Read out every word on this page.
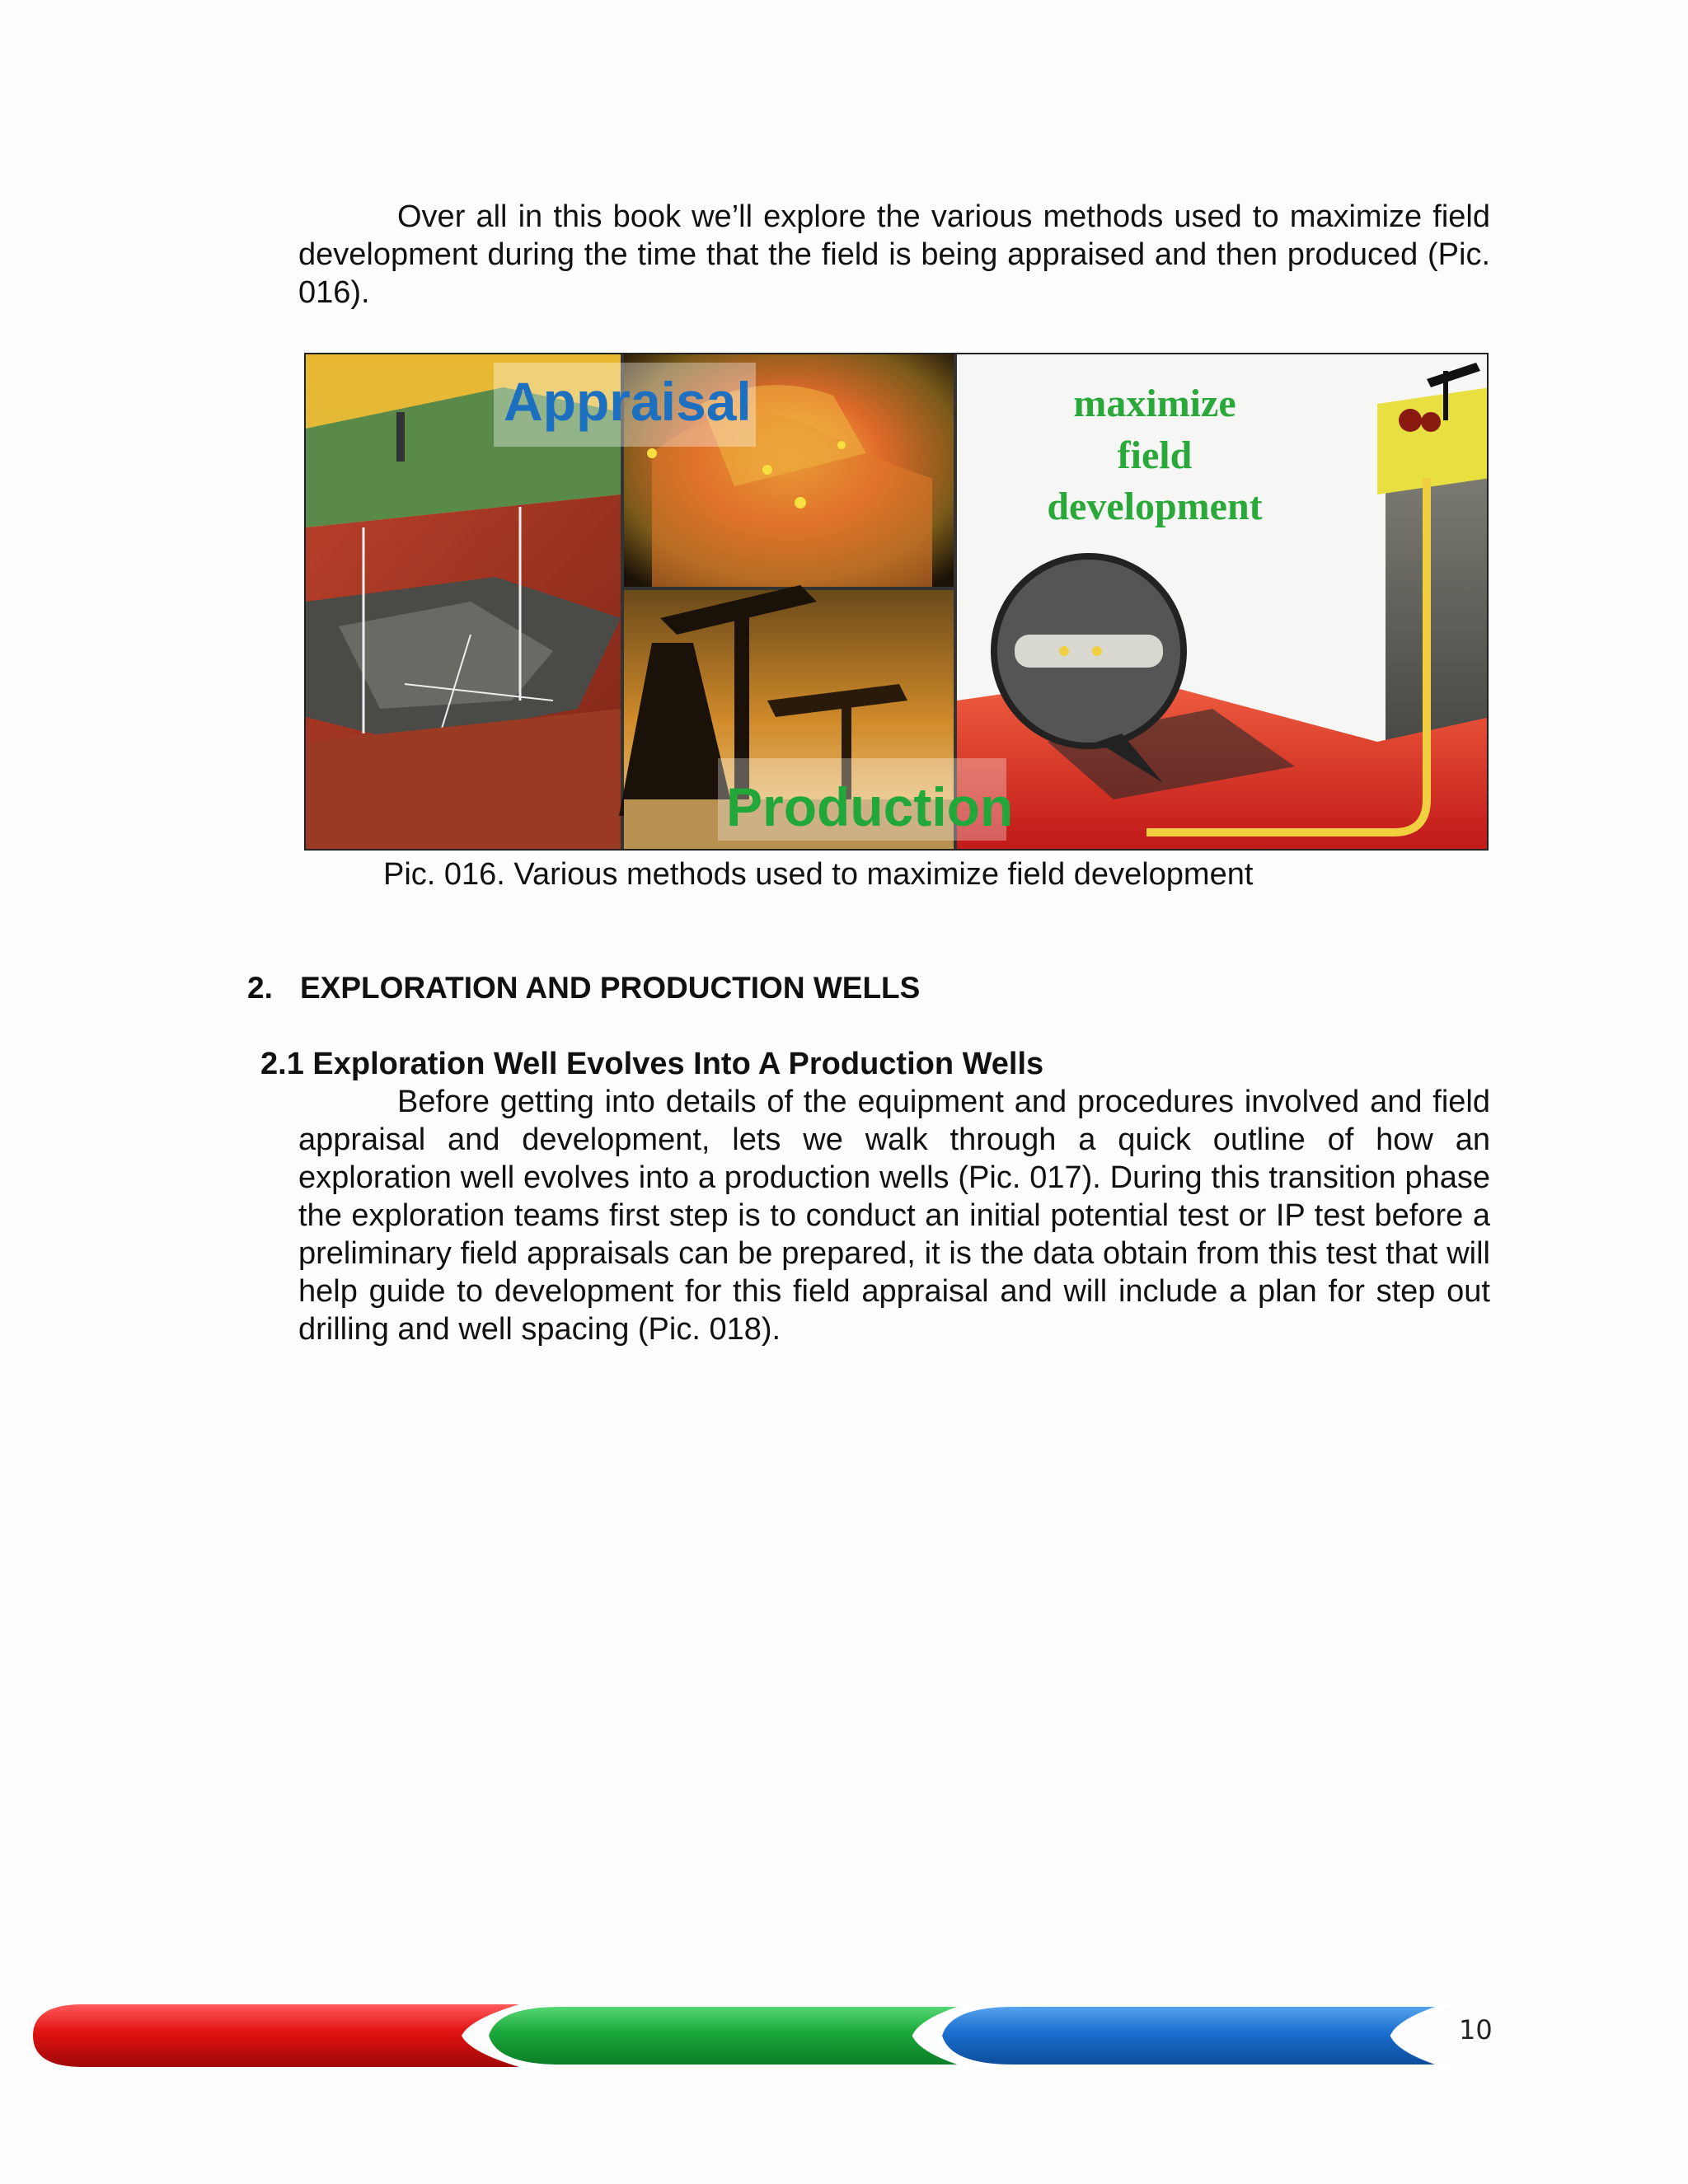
Over all in this book we’ll explore the various methods used to maximize field development during the time that the field is being appraised and then produced (Pic. 016).

Appraisal	maximize
field
development
Production

Pic. 016. Various methods used to maximize field development

2. EXPLORATION AND PRODUCTION WELLS
2.1 Exploration Well Evolves Into A Production Wells

Before getting into details of the equipment and procedures involved and field appraisal and development, lets we walk through a quick outline of how an exploration well evolves into a production wells (Pic. 017). During this transition phase the exploration teams first step is to conduct an initial potential test or IP test before a preliminary field appraisals can be prepared, it is the data obtain from this test that will help guide to development for this field appraisal and will include a plan for step out drilling and well spacing (Pic. 018).

10
